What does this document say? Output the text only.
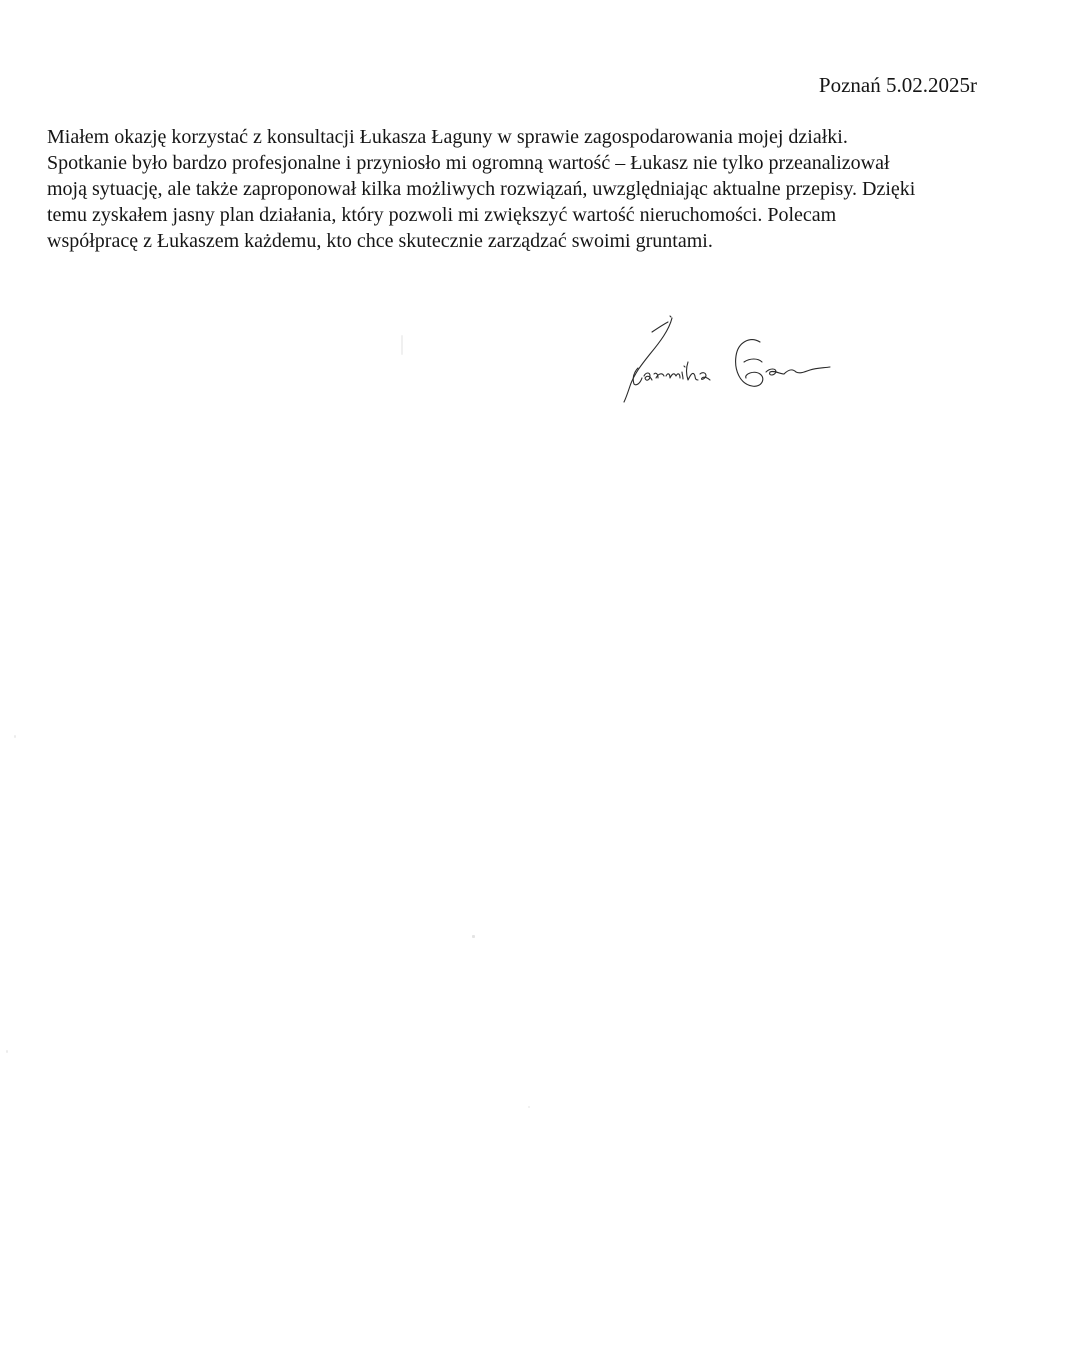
Poznań 5.02.2025r
Miałem okazję korzystać z konsultacji Łukasza Łaguny w sprawie zagospodarowania mojej działki.
Spotkanie było bardzo profesjonalne i przyniosło mi ogromną wartość – Łukasz nie tylko przeanalizował
moją sytuację, ale także zaproponował kilka możliwych rozwiązań, uwzględniając aktualne przepisy. Dzięki
temu zyskałem jasny plan działania, który pozwoli mi zwiększyć wartość nieruchomości. Polecam
współpracę z Łukaszem każdemu, kto chce skutecznie zarządzać swoimi gruntami.
